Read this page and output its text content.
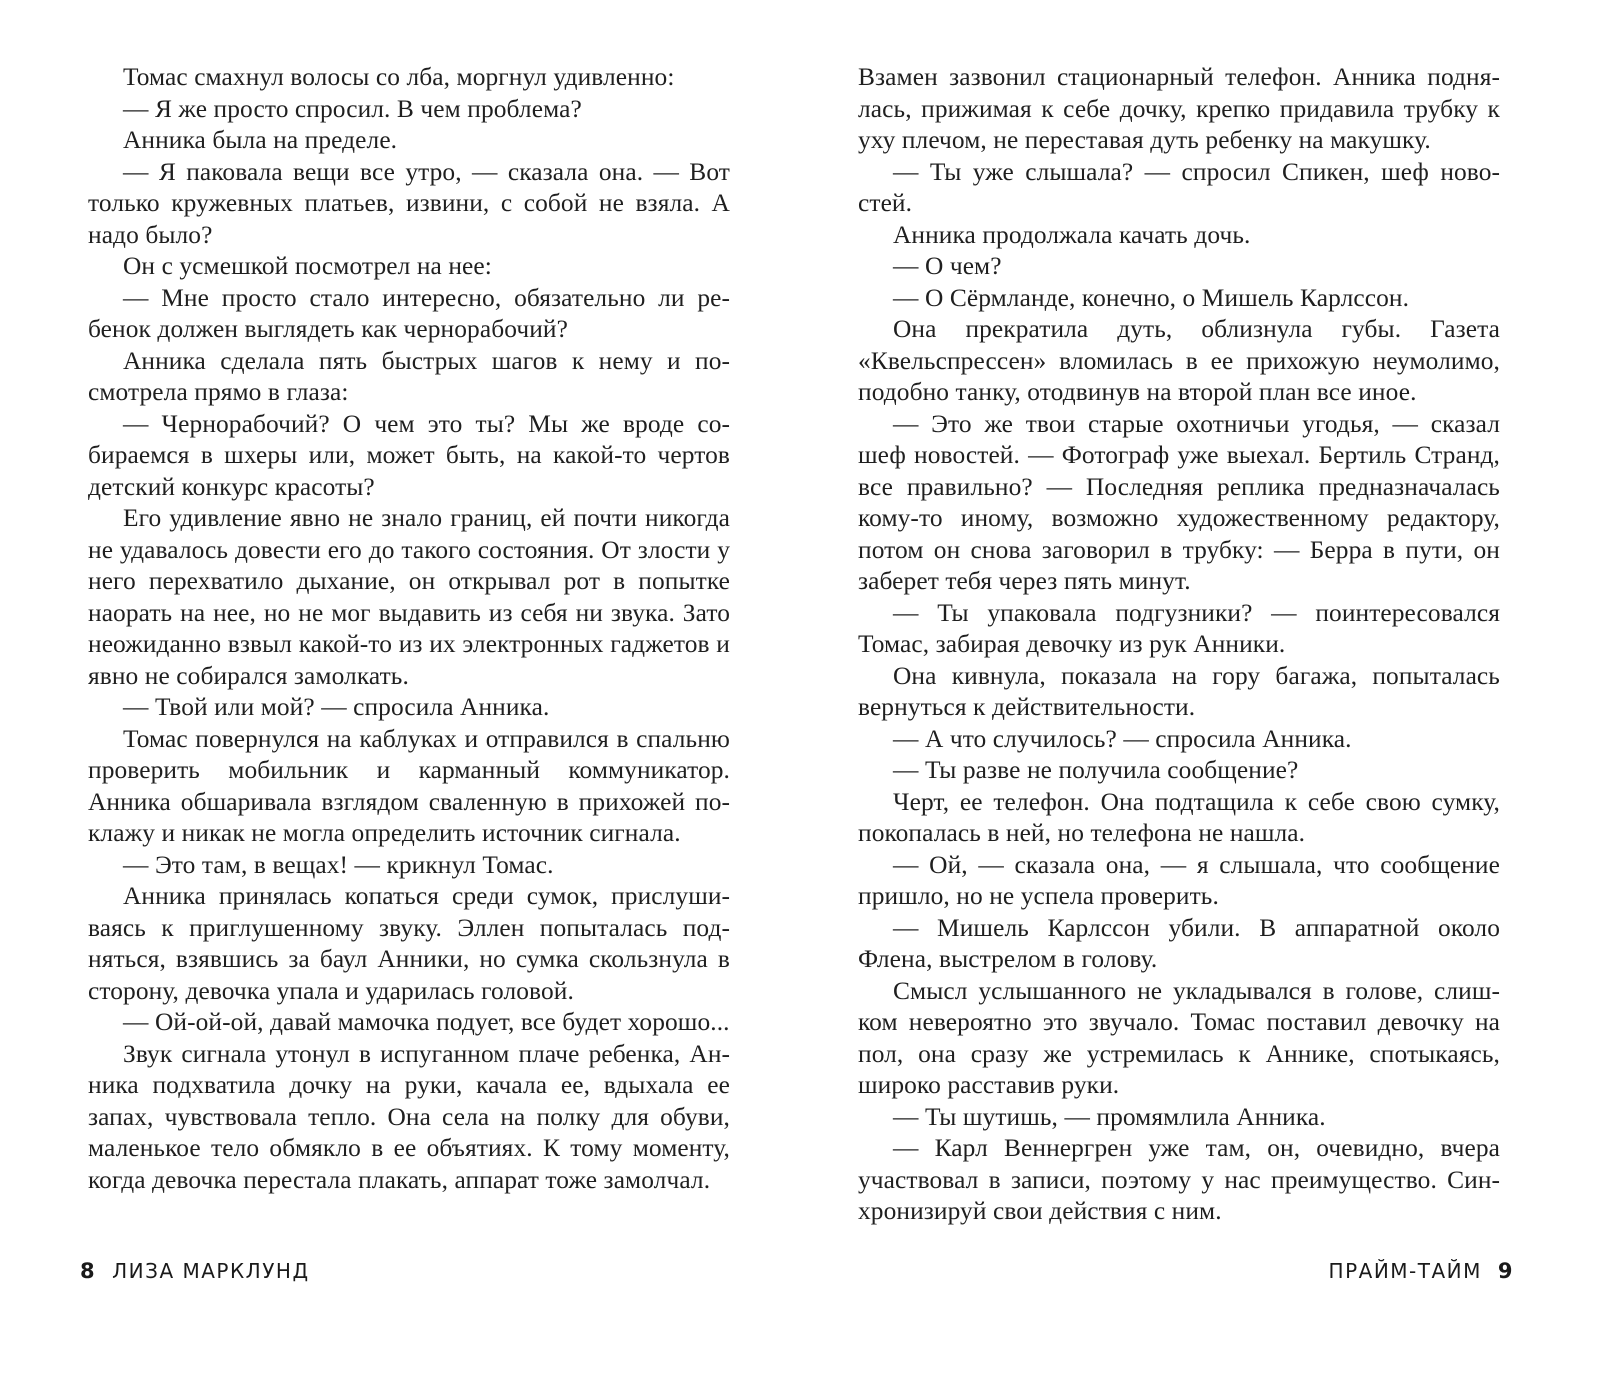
Томас смахнул волосы со лба, моргнул удивленно:

— Я же просто спросил. В чем проблема?

Анника была на пределе.

— Я паковала вещи все утро, — сказала она. — Вот только кружевных платьев, извини, с собой не взяла. А надо было?

Он с усмешкой посмотрел на нее:

— Мне просто стало интересно, обязательно ли ребенок должен выглядеть как чернорабочий?

Анника сделала пять быстрых шагов к нему и посмотрела прямо в глаза:

— Чернорабочий? О чем это ты? Мы же вроде собираемся в шхеры или, может быть, на какой-то чертов детский конкурс красоты?

Его удивление явно не знало границ, ей почти никогда не удавалось довести его до такого состояния. От злости у него перехватило дыхание, он открывал рот в попытке наорать на нее, но не мог выдавить из себя ни звука. Зато неожиданно взвыл какой-то из их электронных гаджетов и явно не собирался замолкать.

— Твой или мой? — спросила Анника.

Томас повернулся на каблуках и отправился в спальню проверить мобильник и карманный коммуникатор. Анника обшаривала взглядом сваленную в прихожей поклажу и никак не могла определить источник сигнала.

— Это там, в вещах! — крикнул Томас.

Анника принялась копаться среди сумок, прислушиваясь к приглушенному звуку. Эллен попыталась подняться, взявшись за баул Анники, но сумка скользнула в сторону, девочка упала и ударилась головой.

— Ой-ой-ой, давай мамочка подует, все будет хорошо...

Звук сигнала утонул в испуганном плаче ребенка, Анника подхватила дочку на руки, качала ее, вдыхала ее запах, чувствовала тепло. Она села на полку для обуви, маленькое тело обмякло в ее объятиях. К тому моменту, когда девочка перестала плакать, аппарат тоже замолчал.

8 ЛИЗА МАРКЛУНД

Взамен зазвонил стационарный телефон. Анника поднялась, прижимая к себе дочку, крепко придавила трубку к уху плечом, не переставая дуть ребенку на макушку.

— Ты уже слышала? — спросил Спикен, шеф новостей.

Анника продолжала качать дочь.

— О чем?

— О Сёрмланде, конечно, о Мишель Карлссон.

Она прекратила дуть, облизнула губы. Газета «Квельспрессен» вломилась в ее прихожую неумолимо, подобно танку, отодвинув на второй план все иное.

— Это же твои старые охотничьи угодья, — сказал шеф новостей. — Фотограф уже выехал. Бертиль Странд, все правильно? — Последняя реплика предназначалась кому-то иному, возможно художественному редактору, потом он снова заговорил в трубку: — Берра в пути, он заберет тебя через пять минут.

— Ты упаковала подгузники? — поинтересовался Томас, забирая девочку из рук Анники.

Она кивнула, показала на гору багажа, попыталась вернуться к действительности.

— А что случилось? — спросила Анника.

— Ты разве не получила сообщение?

Черт, ее телефон. Она подтащила к себе свою сумку, покопалась в ней, но телефона не нашла.

— Ой, — сказала она, — я слышала, что сообщение пришло, но не успела проверить.

— Мишель Карлссон убили. В аппаратной около Флена, выстрелом в голову.

Смысл услышанного не укладывался в голове, слишком невероятно это звучало. Томас поставил девочку на пол, она сразу же устремилась к Аннике, спотыкаясь, широко расставив руки.

— Ты шутишь, — промямлила Анника.

— Карл Веннергрен уже там, он, очевидно, вчера участвовал в записи, поэтому у нас преимущество. Синхронизируй свои действия с ним.

ПРАЙМ-ТАЙМ 9
